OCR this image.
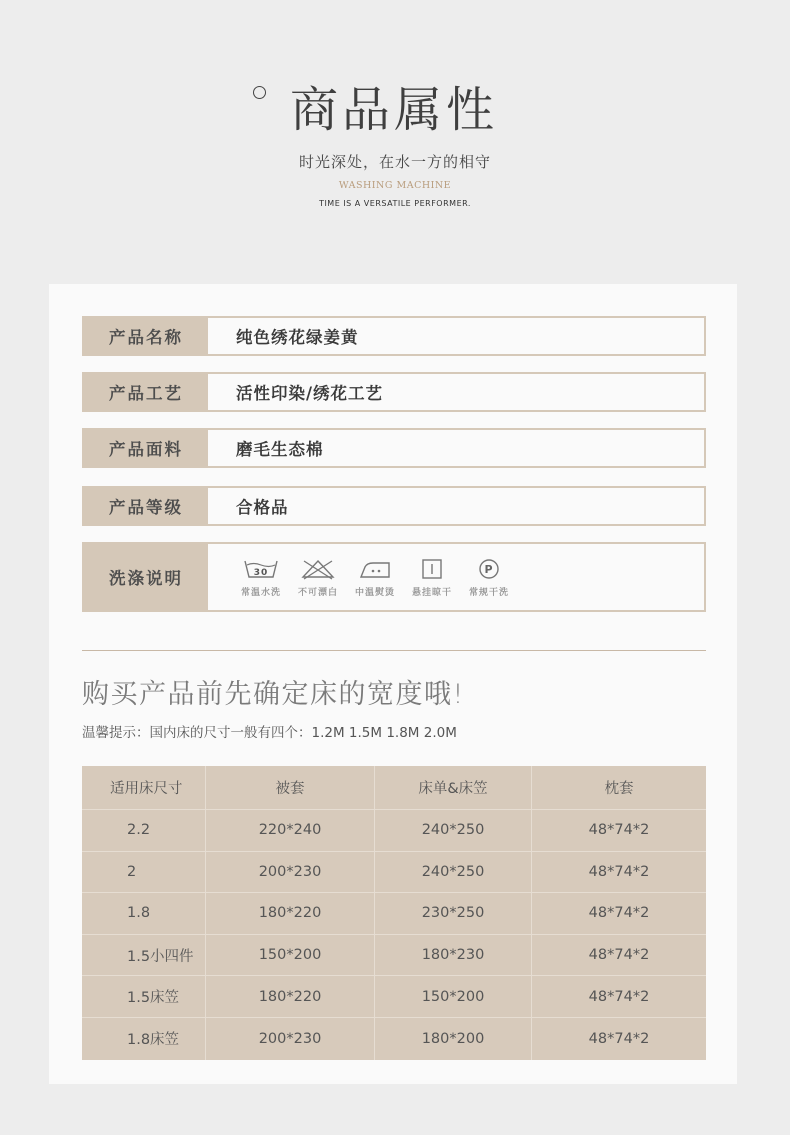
商品属性
时光深处，在水一方的相守
WASHING MACHINE
TIME IS A VERSATILE PERFORMER.
产品名称	纯色绣花绿姜黄
产品工艺	活性印染/绣花工艺
产品面料	磨毛生态棉
产品等级	合格品
洗涤说明	30
常温水洗 不可漂白 中温熨烫 悬挂晾干
P
常规干洗
购买产品前先确定床的宽度哦!
温馨提示：国内床的尺寸一般有四个：1.2M 1.5M 1.8M 2.0M
适用床尺寸	被套	床单&床笠	枕套
2.2	220*240	240*250	48*74*2
2	200*230	240*250	48*74*2
1.8	180*220	230*250	48*74*2
1.5小四件	150*200	180*230	48*74*2
1.5床笠	180*220	150*200	48*74*2
1.8床笠	200*230	180*200	48*74*2
